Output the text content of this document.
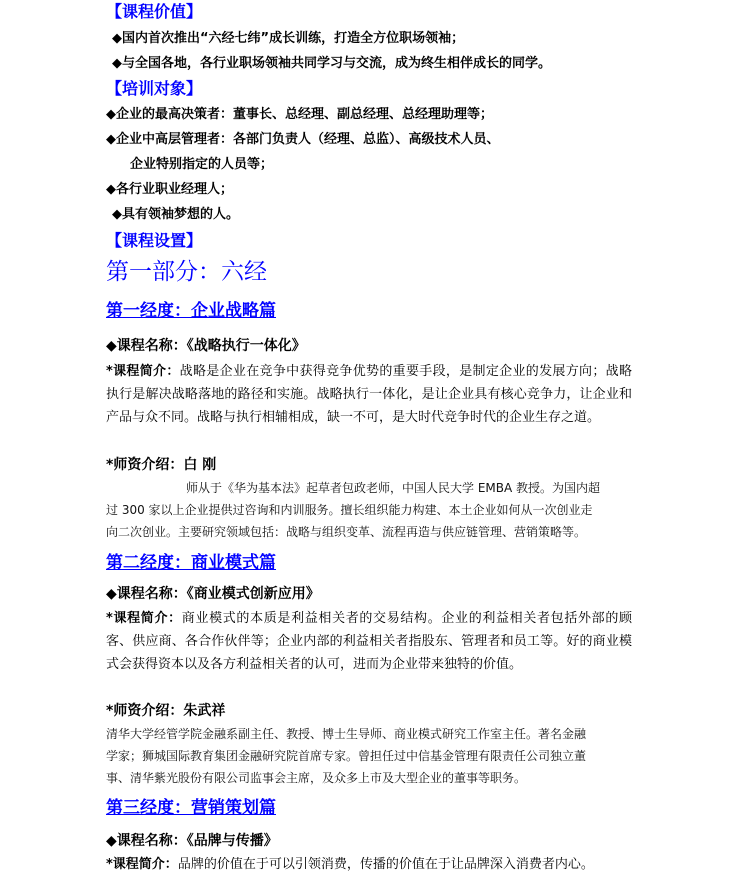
【课程价值】
◆国内首次推出“六经七纬”成长训练，打造全方位职场领袖；
◆与全国各地，各行业职场领袖共同学习与交流，成为终生相伴成长的同学。
【培训对象】
◆企业的最高决策者：董事长、总经理、副总经理、总经理助理等；
◆企业中高层管理者：各部门负责人（经理、总监）、高级技术人员、
企业特别指定的人员等；
◆各行业职业经理人；
◆具有领袖梦想的人。
【课程设置】
第一部分：六经
第一经度：企业战略篇
◆课程名称：《战略执行一体化》
*课程简介：战略是企业在竞争中获得竞争优势的重要手段，是制定企业的发展方向；战略执行是解决战略落地的路径和实施。战略执行一体化，是让企业具有核心竞争力，让企业和产品与众不同。战略与执行相辅相成，缺一不可，是大时代竞争时代的企业生存之道。
*师资介绍：白 刚
师从于《华为基本法》起草者包政老师，中国人民大学 EMBA 教授。为国内超
过 300 家以上企业提供过咨询和内训服务。擅长组织能力构建、本土企业如何从一次创业走
向二次创业。主要研究领域包括：战略与组织变革、流程再造与供应链管理、营销策略等。
第二经度：商业模式篇
◆课程名称：《商业模式创新应用》
*课程简介：商业模式的本质是利益相关者的交易结构。企业的利益相关者包括外部的顾客、供应商、各合作伙伴等；企业内部的利益相关者指股东、管理者和员工等。好的商业模式会获得资本以及各方利益相关者的认可，进而为企业带来独特的价值。
*师资介绍：朱武祥
清华大学经管学院金融系副主任、教授、博士生导师、商业模式研究工作室主任。著名金融
学家；狮城国际教育集团金融研究院首席专家。曾担任过中信基金管理有限责任公司独立董
事、清华紫光股份有限公司监事会主席，及众多上市及大型企业的董事等职务。
第三经度：营销策划篇
◆课程名称：《品牌与传播》
*课程简介：品牌的价值在于可以引领消费，传播的价值在于让品牌深入消费者内心。
